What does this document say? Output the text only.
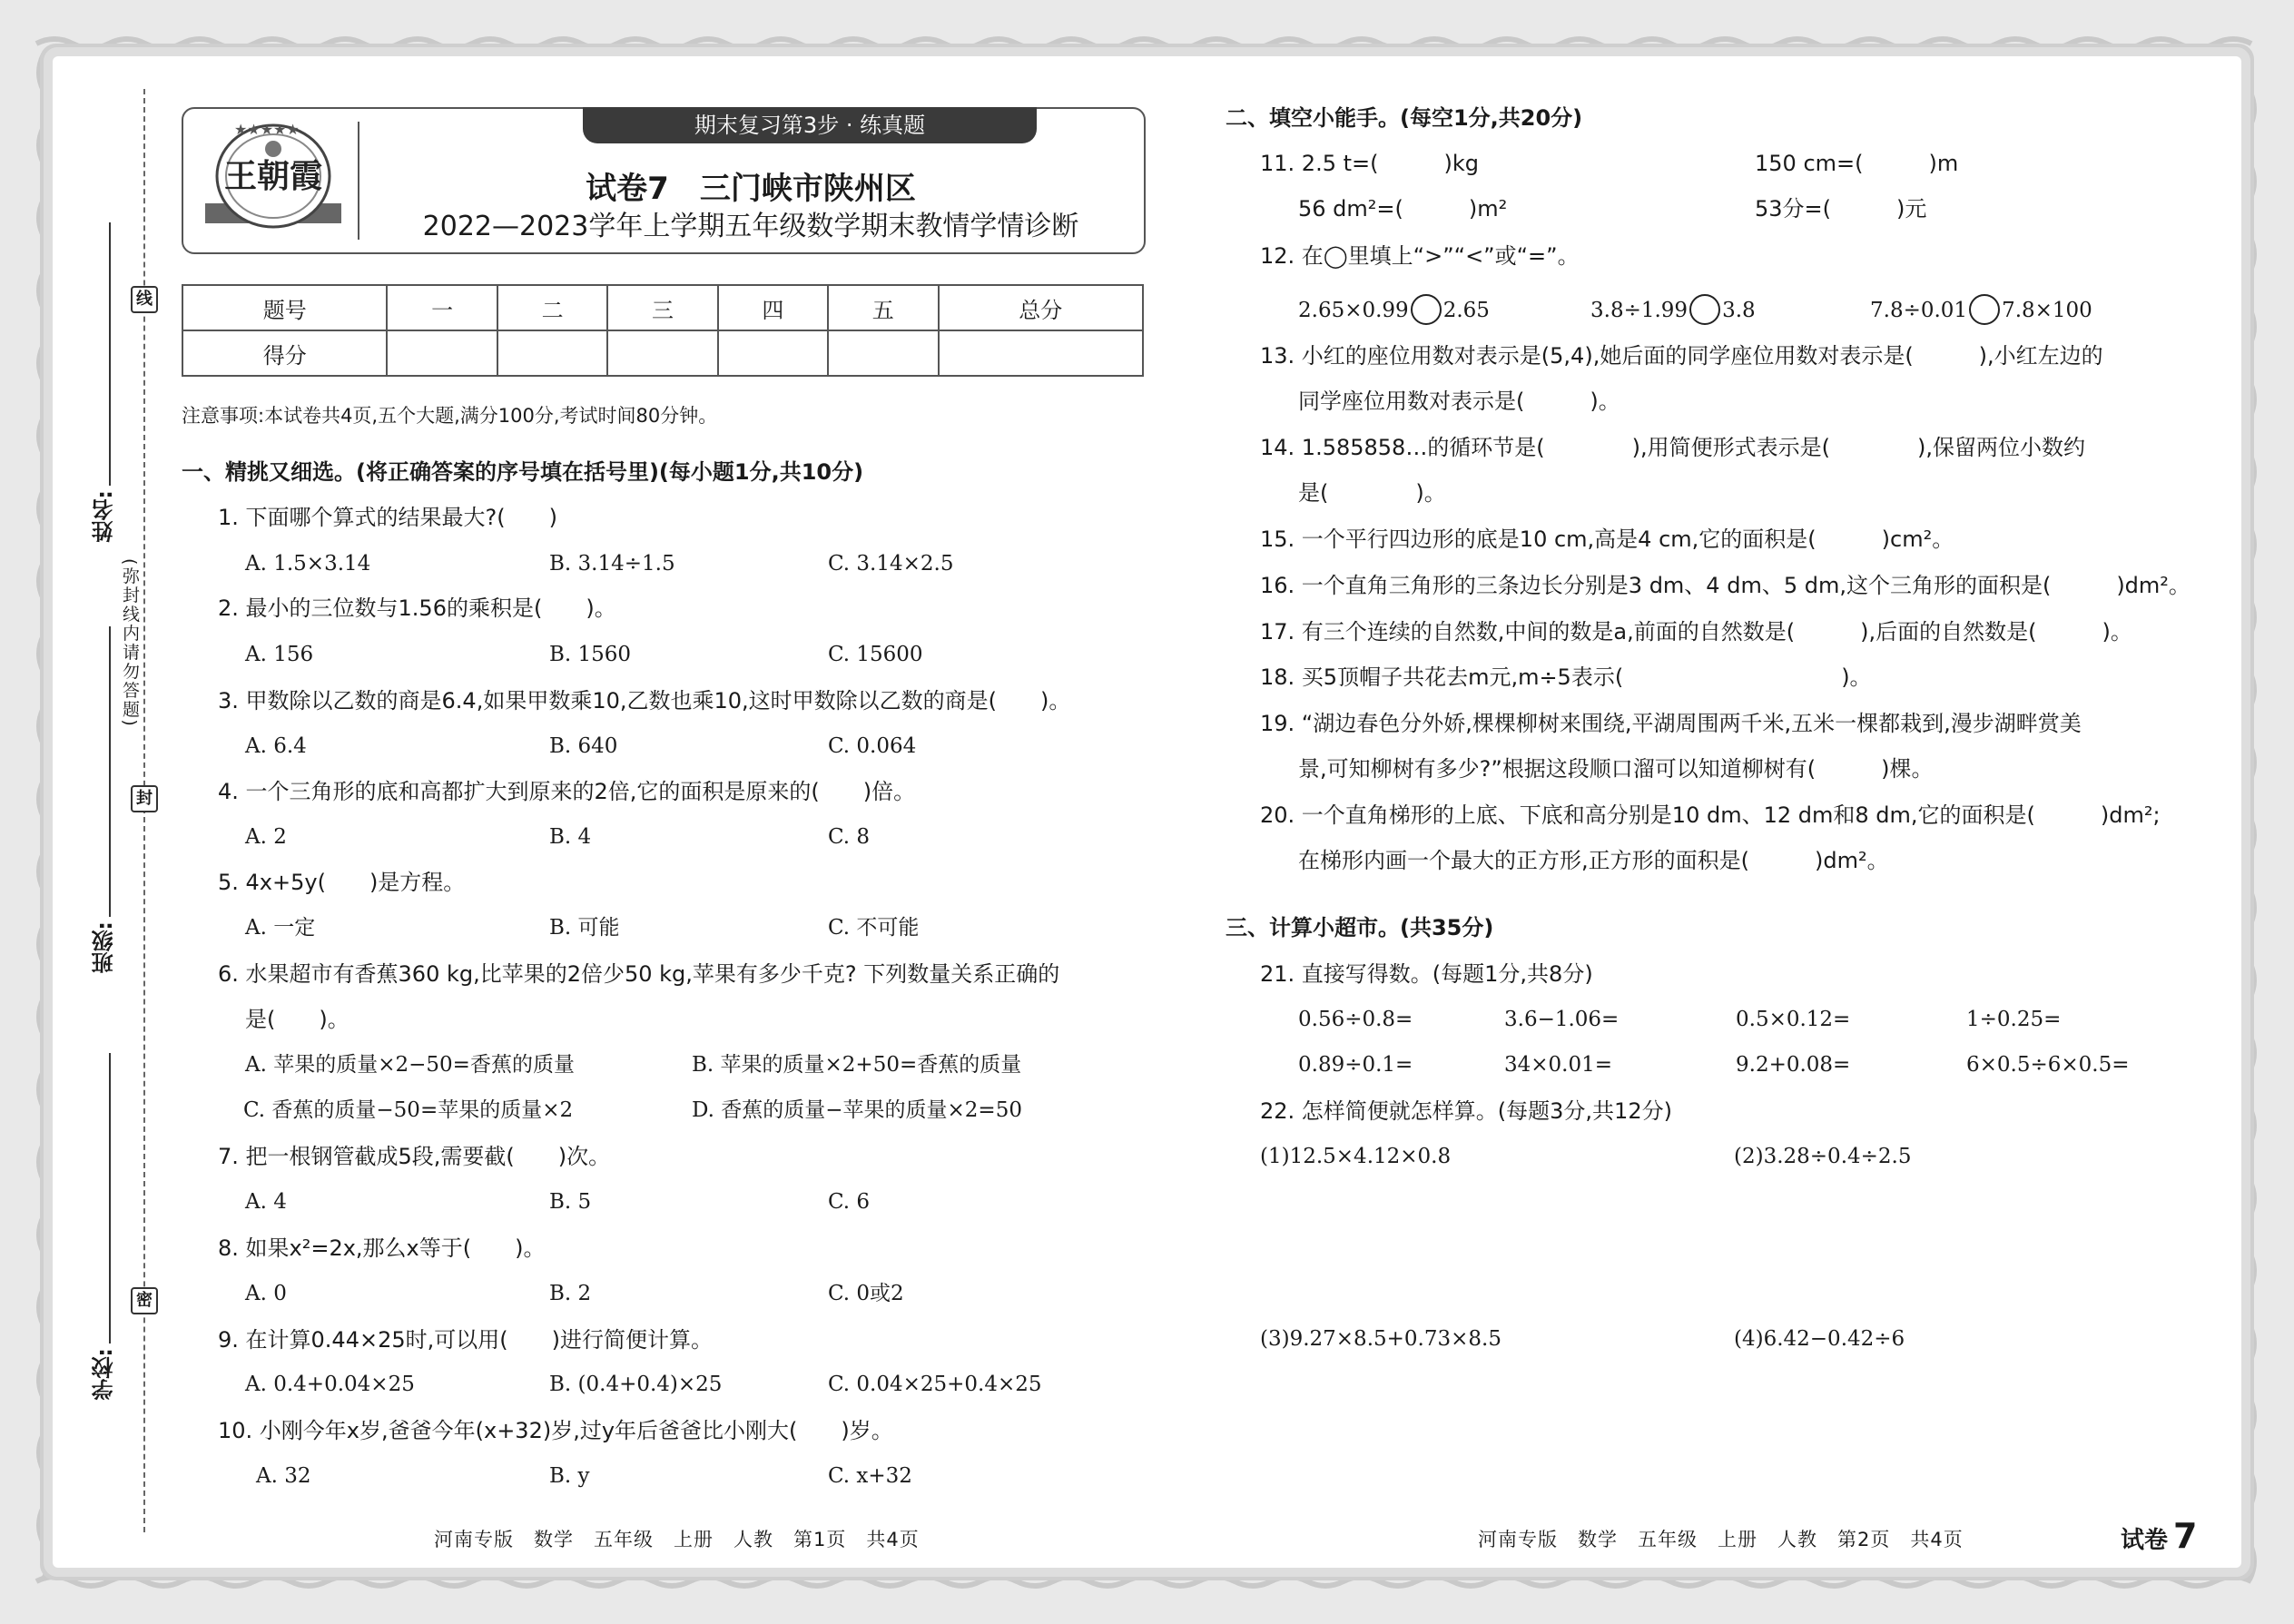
线
封
密
(弥封线内请勿答题)
姓名:
班级:
学校:
期末复习第3步 · 练真题
★★★★★
王朝霞	试卷7　三门峡市陕州区
2022—2023学年上学期五年级数学期末教情学情诊断
题号	一	二	三	四	五	总分
得分						
注意事项:本试卷共4页,五个大题,满分100分,考试时间80分钟。
一、精挑又细选。(将正确答案的序号填在括号里)(每小题1分,共10分)
1. 下面哪个算式的结果最大?(　　)
A. 1.5×3.14	B. 3.14÷1.5	C. 3.14×2.5
2. 最小的三位数与1.56的乘积是(　　)。
A. 156	B. 1560	C. 15600
3. 甲数除以乙数的商是6.4,如果甲数乘10,乙数也乘10,这时甲数除以乙数的商是(　　)。
A. 6.4	B. 640	C. 0.064
4. 一个三角形的底和高都扩大到原来的2倍,它的面积是原来的(　　)倍。
A. 2	B. 4	C. 8
5. 4x+5y(　　)是方程。
A. 一定	B. 可能	C. 不可能
6. 水果超市有香蕉360 kg,比苹果的2倍少50 kg,苹果有多少千克? 下列数量关系正确的
是(　　)。
A. 苹果的质量×2−50=香蕉的质量	B. 苹果的质量×2+50=香蕉的质量
C. 香蕉的质量−50=苹果的质量×2	D. 香蕉的质量−苹果的质量×2=50
7. 把一根钢管截成5段,需要截(　　)次。
A. 4	B. 5	C. 6
8. 如果x²=2x,那么x等于(　　)。
A. 0	B. 2	C. 0或2
9. 在计算0.44×25时,可以用(　　)进行简便计算。
A. 0.4+0.04×25	B. (0.4+0.4)×25	C. 0.04×25+0.4×25
10. 小刚今年x岁,爸爸今年(x+32)岁,过y年后爸爸比小刚大(　　)岁。
A. 32	B. y	C. x+32
二、填空小能手。(每空1分,共20分)
11. 2.5 t=(　　　)kg	150 cm=(　　　)m
56 dm²=(　　　)m²	53分=(　　　)元
12. 在◯里填上“>”“<”或“=”。
2.65×0.99 2.65	3.8÷1.99 3.8	7.8÷0.01 7.8×100
13. 小红的座位用数对表示是(5,4),她后面的同学座位用数对表示是(　　　),小红左边的
同学座位用数对表示是(　　　)。
14. 1.585858…的循环节是(　　　　),用简便形式表示是(　　　　),保留两位小数约
是(　　　　)。
15. 一个平行四边形的底是10 cm,高是4 cm,它的面积是(　　　)cm²。
16. 一个直角三角形的三条边长分别是3 dm、4 dm、5 dm,这个三角形的面积是(　　　)dm²。
17. 有三个连续的自然数,中间的数是a,前面的自然数是(　　　),后面的自然数是(　　　)。
18. 买5顶帽子共花去m元,m÷5表示(　　　　　　　　　　)。
19. “湖边春色分外娇,棵棵柳树来围绕,平湖周围两千米,五米一棵都栽到,漫步湖畔赏美
景,可知柳树有多少?”根据这段顺口溜可以知道柳树有(　　　)棵。
20. 一个直角梯形的上底、下底和高分别是10 dm、12 dm和8 dm,它的面积是(　　　)dm²;
在梯形内画一个最大的正方形,正方形的面积是(　　　)dm²。
三、计算小超市。(共35分)
21. 直接写得数。(每题1分,共8分)
0.56÷0.8=	3.6−1.06=	0.5×0.12=	1÷0.25=
0.89÷0.1=	34×0.01=	9.2+0.08=	6×0.5÷6×0.5=
22. 怎样简便就怎样算。(每题3分,共12分)
(1)12.5×4.12×0.8	(2)3.28÷0.4÷2.5
(3)9.27×8.5+0.73×8.5	(4)6.42−0.42÷6
河南专版　数学　五年级　上册　人教　第1页　共4页	河南专版　数学　五年级　上册　人教　第2页　共4页	试卷 7
